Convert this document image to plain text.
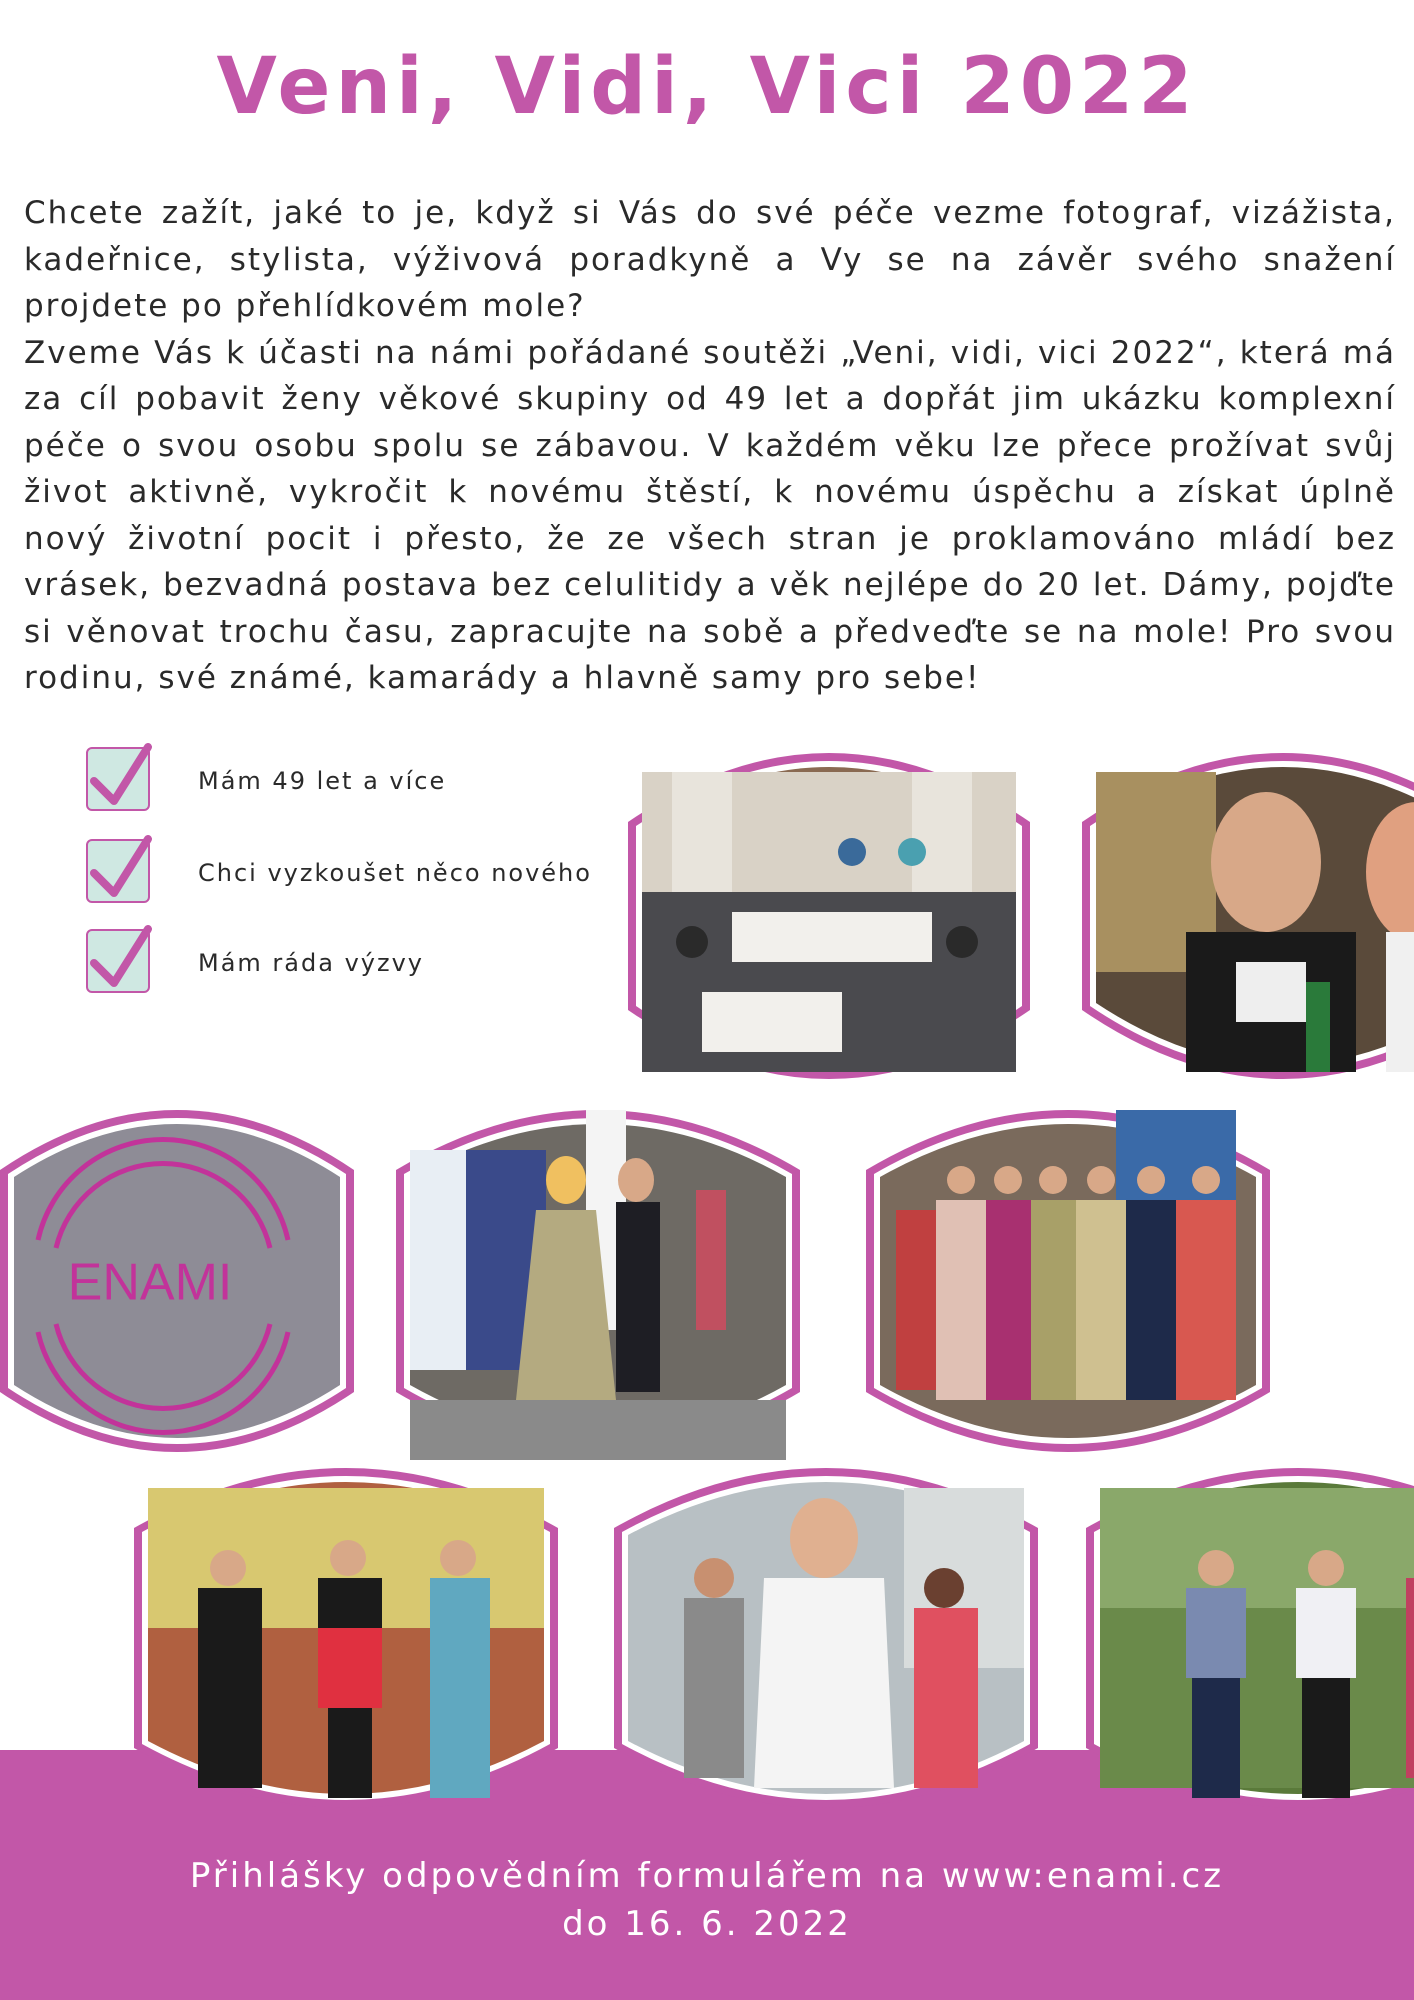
Veni, Vidi, Vici 2022

Chcete zažít, jaké to je, když si Vás do své péče vezme fotograf, vizážista, kadeřnice, stylista, výživová poradkyně a Vy se na závěr svého snažení projdete po přehlídkovém mole?

Zveme Vás k účasti na námi pořádané soutěži „Veni, vidi, vici 2022“, která má za cíl pobavit ženy věkové skupiny od 49 let a dopřát jim ukázku komplexní péče o svou osobu spolu se zábavou. V každém věku lze přece prožívat svůj život aktivně, vykročit k novému štěstí, k novému úspěchu a získat úplně nový životní pocit i přesto, že ze všech stran je proklamováno mládí bez vrásek, bezvadná postava bez celulitidy a věk nejlépe do 20 let. Dámy, pojďte si věnovat trochu času, zapracujte na sobě a předveďte se na mole! Pro svou rodinu, své známé, kamarády a hlavně samy pro sebe!

Mám 49 let a více
Chci vyzkoušet něco nového
Mám ráda výzvy
ENAMI
Přihlášky odpovědním formulářem na www:enami.cz
do 16. 6. 2022
